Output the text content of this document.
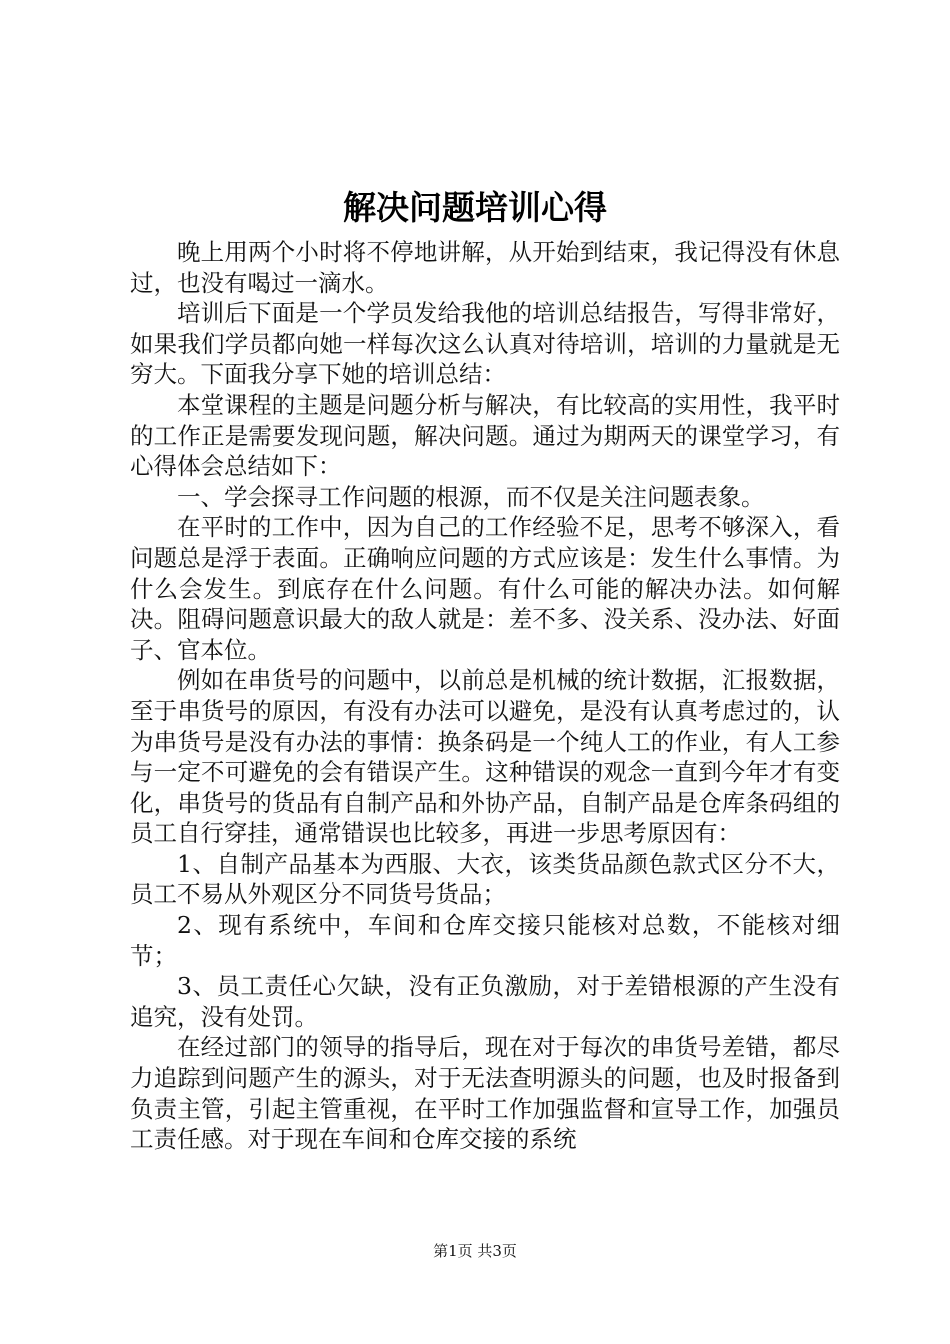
解决问题培训心得

晚上用两个小时将不停地讲解，从开始到结束，我记得没有休息过，也没有喝过一滴水。

培训后下面是一个学员发给我他的培训总结报告，写得非常好，如果我们学员都向她一样每次这么认真对待培训，培训的力量就是无穷大。下面我分享下她的培训总结：

本堂课程的主题是问题分析与解决，有比较高的实用性，我平时的工作正是需要发现问题，解决问题。通过为期两天的课堂学习，有心得体会总结如下：

一、学会探寻工作问题的根源，而不仅是关注问题表象。

在平时的工作中，因为自己的工作经验不足，思考不够深入，看问题总是浮于表面。正确响应问题的方式应该是：发生什么事情。为什么会发生。到底存在什么问题。有什么可能的解决办法。如何解决。阻碍问题意识最大的敌人就是：差不多、没关系、没办法、好面子、官本位。

例如在串货号的问题中，以前总是机械的统计数据，汇报数据，至于串货号的原因，有没有办法可以避免，是没有认真考虑过的，认为串货号是没有办法的事情：换条码是一个纯人工的作业，有人工参与一定不可避免的会有错误产生。这种错误的观念一直到今年才有变化，串货号的货品有自制产品和外协产品，自制产品是仓库条码组的员工自行穿挂，通常错误也比较多，再进一步思考原因有：

1、自制产品基本为西服、大衣，该类货品颜色款式区分不大，员工不易从外观区分不同货号货品；

2、现有系统中，车间和仓库交接只能核对总数，不能核对细节；

3、员工责任心欠缺，没有正负激励，对于差错根源的产生没有追究，没有处罚。

在经过部门的领导的指导后，现在对于每次的串货号差错，都尽力追踪到问题产生的源头，对于无法查明源头的问题，也及时报备到负责主管，引起主管重视，在平时工作加强监督和宣导工作，加强员工责任感。对于现在车间和仓库交接的系统

第1页 共3页
